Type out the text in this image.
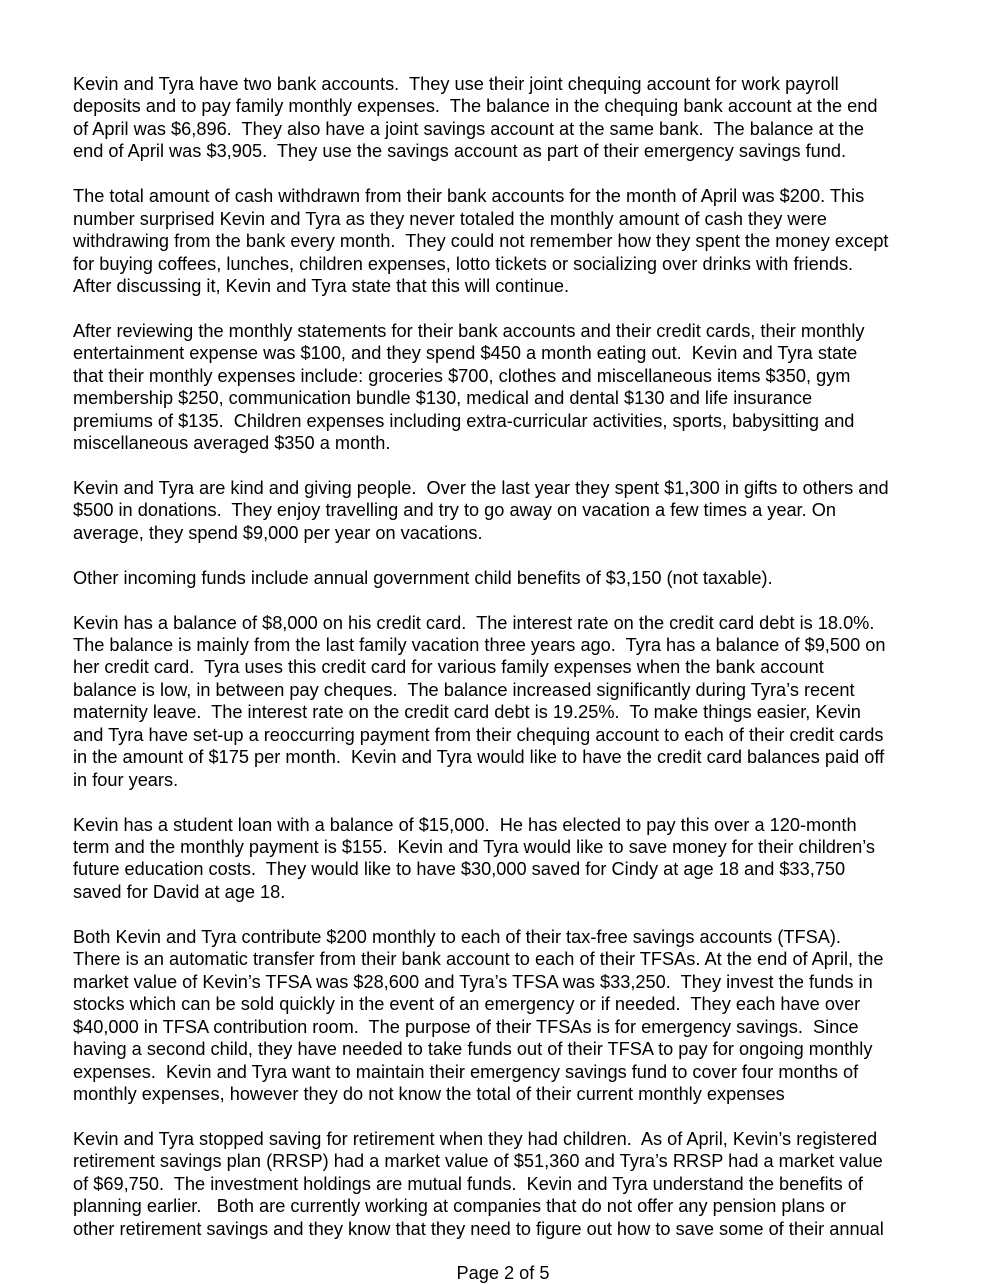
Kevin and Tyra have two bank accounts.  They use their joint chequing account for work payroll
deposits and to pay family monthly expenses.  The balance in the chequing bank account at the end
of April was $6,896.  They also have a joint savings account at the same bank.  The balance at the
end of April was $3,905.  They use the savings account as part of their emergency savings fund.
The total amount of cash withdrawn from their bank accounts for the month of April was $200. This
number surprised Kevin and Tyra as they never totaled the monthly amount of cash they were
withdrawing from the bank every month.  They could not remember how they spent the money except
for buying coffees, lunches, children expenses, lotto tickets or socializing over drinks with friends.
After discussing it, Kevin and Tyra state that this will continue.
After reviewing the monthly statements for their bank accounts and their credit cards, their monthly
entertainment expense was $100, and they spend $450 a month eating out.  Kevin and Tyra state
that their monthly expenses include: groceries $700, clothes and miscellaneous items $350, gym
membership $250, communication bundle $130, medical and dental $130 and life insurance
premiums of $135.  Children expenses including extra-curricular activities, sports, babysitting and
miscellaneous averaged $350 a month.
Kevin and Tyra are kind and giving people.  Over the last year they spent $1,300 in gifts to others and
$500 in donations.  They enjoy travelling and try to go away on vacation a few times a year. On
average, they spend $9,000 per year on vacations.
Other incoming funds include annual government child benefits of $3,150 (not taxable).
Kevin has a balance of $8,000 on his credit card.  The interest rate on the credit card debt is 18.0%.
The balance is mainly from the last family vacation three years ago.  Tyra has a balance of $9,500 on
her credit card.  Tyra uses this credit card for various family expenses when the bank account
balance is low, in between pay cheques.  The balance increased significantly during Tyra’s recent
maternity leave.  The interest rate on the credit card debt is 19.25%.  To make things easier, Kevin
and Tyra have set-up a reoccurring payment from their chequing account to each of their credit cards
in the amount of $175 per month.  Kevin and Tyra would like to have the credit card balances paid off
in four years.
Kevin has a student loan with a balance of $15,000.  He has elected to pay this over a 120-month
term and the monthly payment is $155.  Kevin and Tyra would like to save money for their children’s
future education costs.  They would like to have $30,000 saved for Cindy at age 18 and $33,750
saved for David at age 18.
Both Kevin and Tyra contribute $200 monthly to each of their tax-free savings accounts (TFSA).
There is an automatic transfer from their bank account to each of their TFSAs. At the end of April, the
market value of Kevin’s TFSA was $28,600 and Tyra’s TFSA was $33,250.  They invest the funds in
stocks which can be sold quickly in the event of an emergency or if needed.  They each have over
$40,000 in TFSA contribution room.  The purpose of their TFSAs is for emergency savings.  Since
having a second child, they have needed to take funds out of their TFSA to pay for ongoing monthly
expenses.  Kevin and Tyra want to maintain their emergency savings fund to cover four months of
monthly expenses, however they do not know the total of their current monthly expenses
Kevin and Tyra stopped saving for retirement when they had children.  As of April, Kevin’s registered
retirement savings plan (RRSP) had a market value of $51,360 and Tyra’s RRSP had a market value
of $69,750.  The investment holdings are mutual funds.  Kevin and Tyra understand the benefits of
planning earlier.   Both are currently working at companies that do not offer any pension plans or
other retirement savings and they know that they need to figure out how to save some of their annual
Page 2 of 5
